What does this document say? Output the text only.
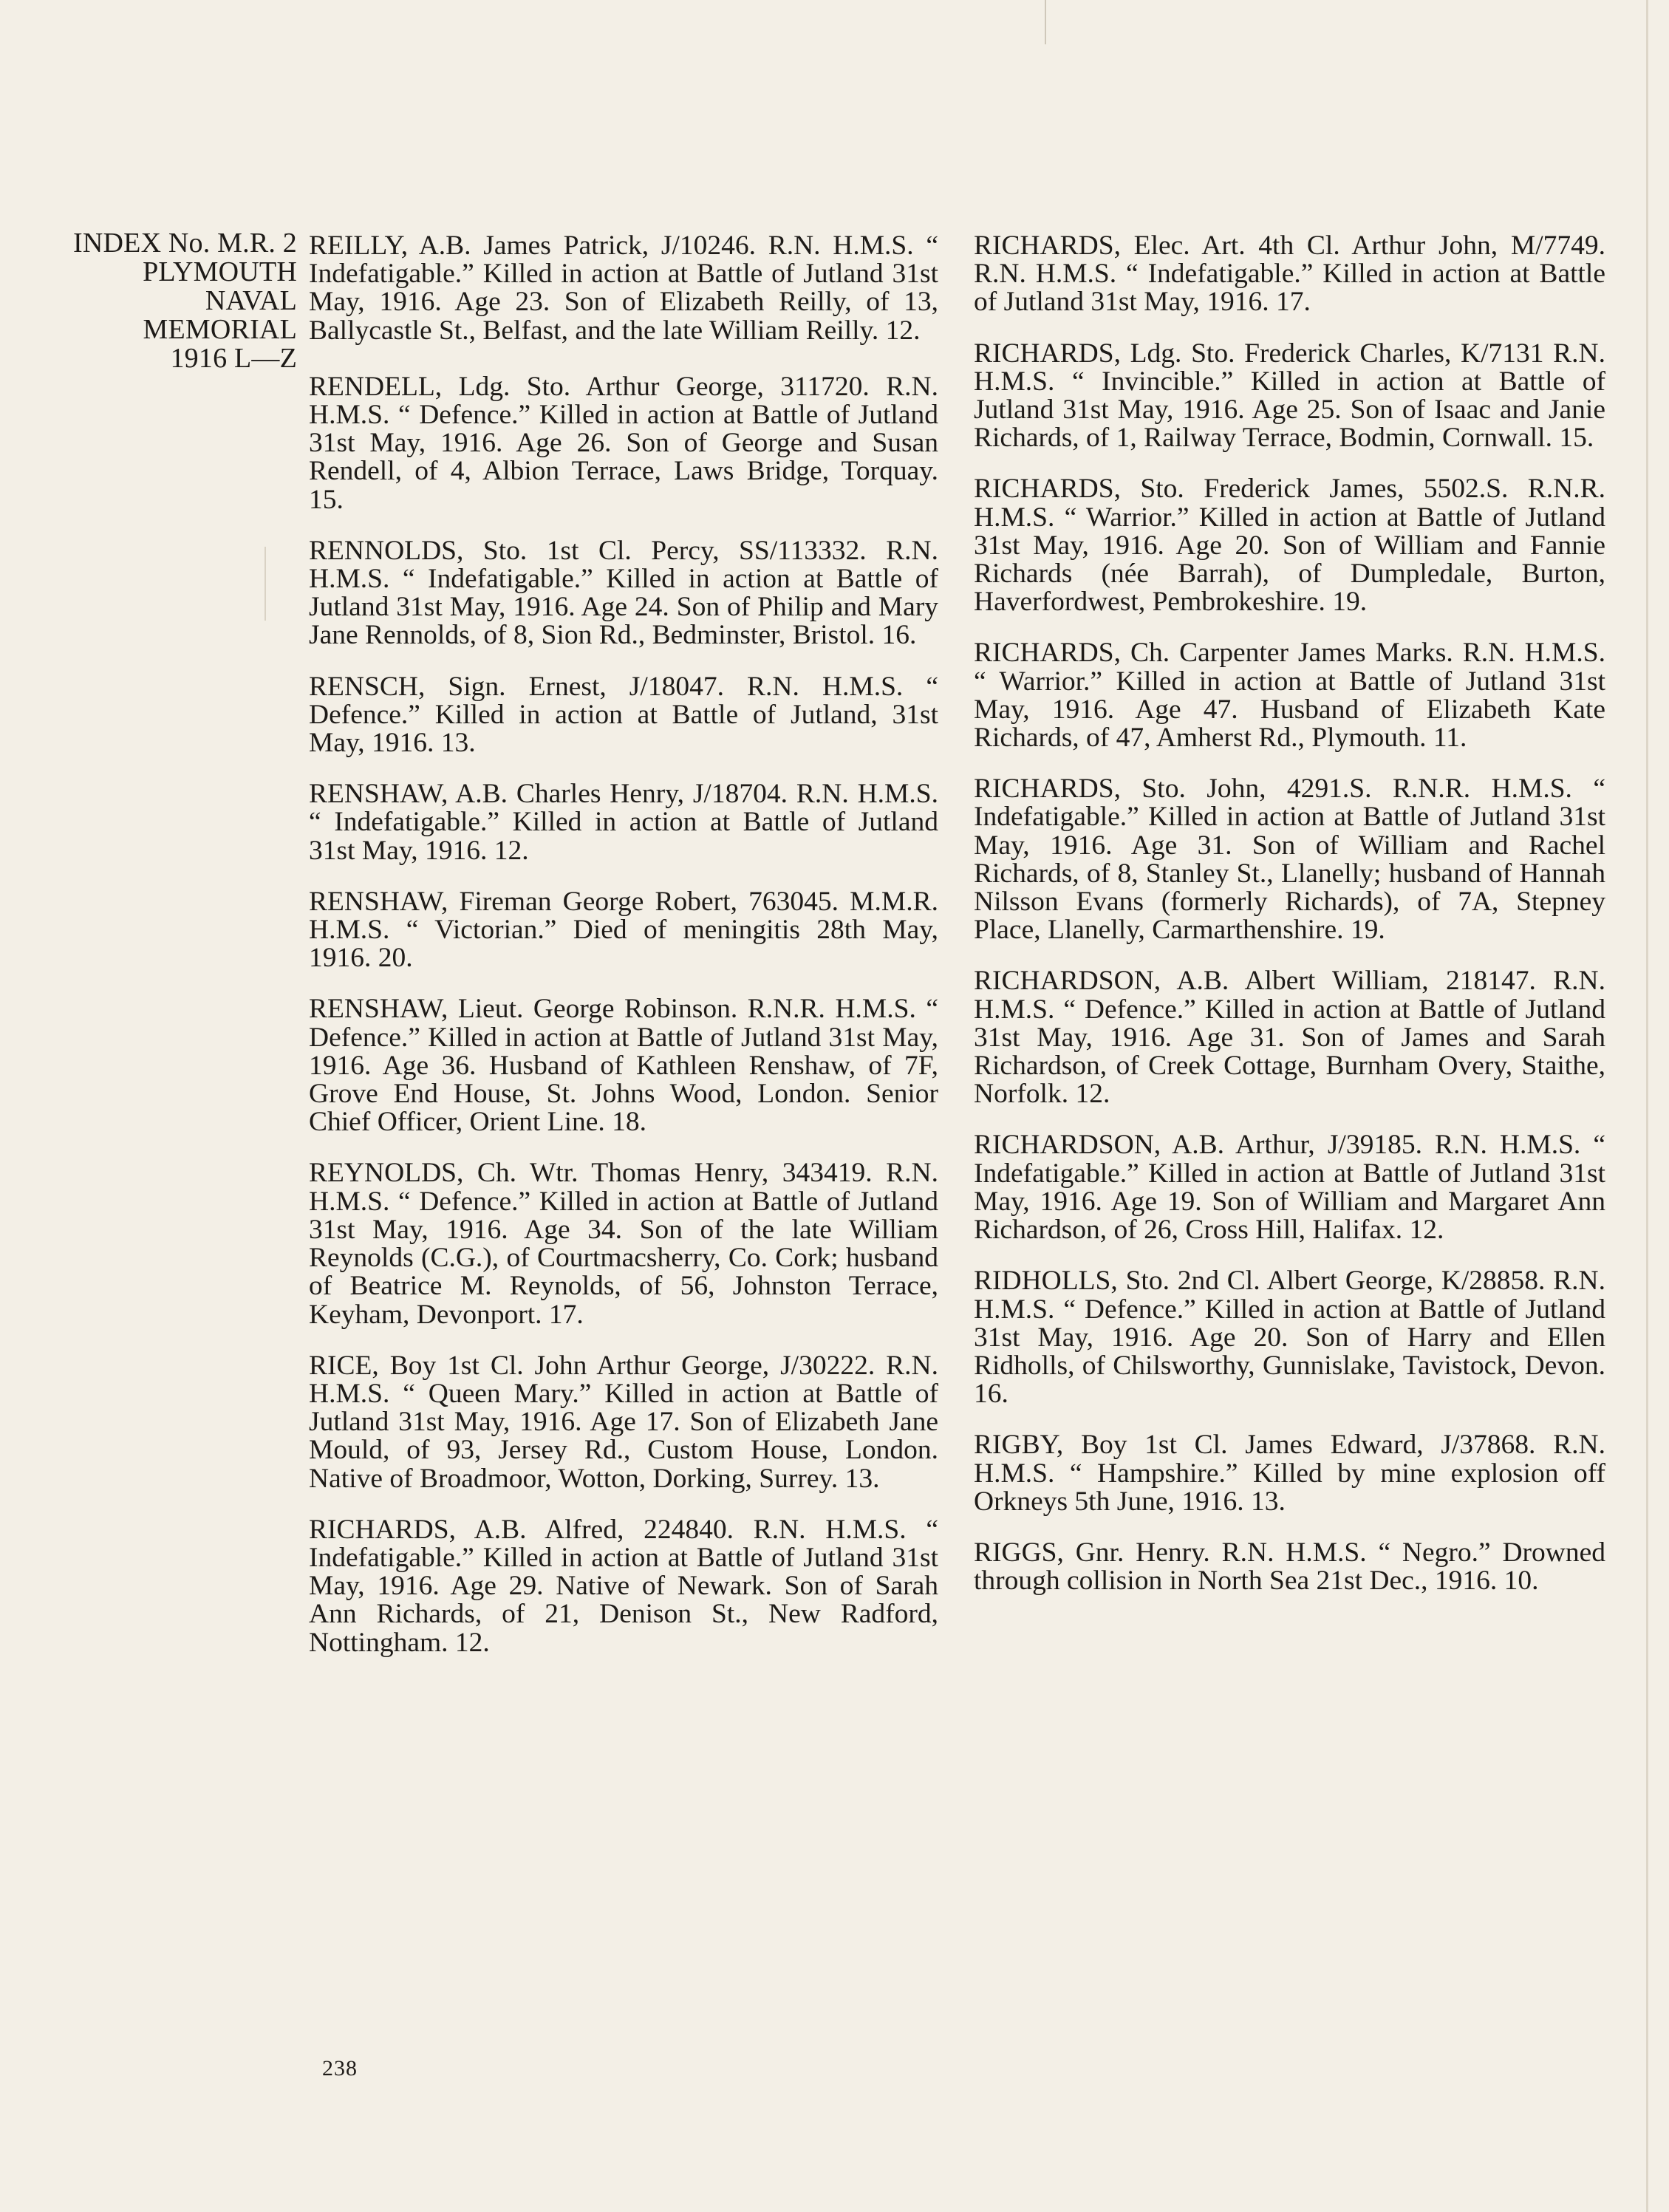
INDEX No. M.R. 2
PLYMOUTH
NAVAL
MEMORIAL
1916 L—Z

REILLY, A.B. James Patrick, J/10246. R.N. H.M.S. “ Indefatigable.” Killed in action at Battle of Jutland 31st May, 1916. Age 23. Son of Elizabeth Reilly, of 13, Ballycastle St., Belfast, and the late William Reilly. 12.

RENDELL, Ldg. Sto. Arthur George, 311720. R.N. H.M.S. “ Defence.” Killed in action at Battle of Jutland 31st May, 1916. Age 26. Son of George and Susan Rendell, of 4, Albion Terrace, Laws Bridge, Torquay. 15.

RENNOLDS, Sto. 1st Cl. Percy, SS/113332. R.N. H.M.S. “ Indefatigable.” Killed in action at Battle of Jutland 31st May, 1916. Age 24. Son of Philip and Mary Jane Rennolds, of 8, Sion Rd., Bedminster, Bristol. 16.

RENSCH, Sign. Ernest, J/18047. R.N. H.M.S. “ Defence.” Killed in action at Battle of Jutland, 31st May, 1916. 13.

RENSHAW, A.B. Charles Henry, J/18704. R.N. H.M.S. “ Indefatigable.” Killed in action at Battle of Jutland 31st May, 1916. 12.

RENSHAW, Fireman George Robert, 763045. M.M.R. H.M.S. “ Victorian.” Died of meningitis 28th May, 1916. 20.

RENSHAW, Lieut. George Robinson. R.N.R. H.M.S. “ Defence.” Killed in action at Battle of Jutland 31st May, 1916. Age 36. Husband of Kathleen Renshaw, of 7F, Grove End House, St. Johns Wood, London. Senior Chief Officer, Orient Line. 18.

REYNOLDS, Ch. Wtr. Thomas Henry, 343419. R.N. H.M.S. “ Defence.” Killed in action at Battle of Jutland 31st May, 1916. Age 34. Son of the late William Reynolds (C.G.), of Courtmacsherry, Co. Cork; husband of Beatrice M. Reynolds, of 56, Johnston Terrace, Keyham, Devonport. 17.

RICE, Boy 1st Cl. John Arthur George, J/30222. R.N. H.M.S. “ Queen Mary.” Killed in action at Battle of Jutland 31st May, 1916. Age 17. Son of Elizabeth Jane Mould, of 93, Jersey Rd., Custom House, London. Native of Broadmoor, Wotton, Dorking, Surrey. 13.

RICHARDS, A.B. Alfred, 224840. R.N. H.M.S. “ Indefatigable.” Killed in action at Battle of Jutland 31st May, 1916. Age 29. Native of Newark. Son of Sarah Ann Richards, of 21, Denison St., New Radford, Nottingham. 12.

RICHARDS, Elec. Art. 4th Cl. Arthur John, M/7749. R.N. H.M.S. “ Indefatigable.” Killed in action at Battle of Jutland 31st May, 1916. 17.

RICHARDS, Ldg. Sto. Frederick Charles, K/7131 R.N. H.M.S. “ Invincible.” Killed in action at Battle of Jutland 31st May, 1916. Age 25. Son of Isaac and Janie Richards, of 1, Railway Terrace, Bodmin, Cornwall. 15.

RICHARDS, Sto. Frederick James, 5502.S. R.N.R. H.M.S. “ Warrior.” Killed in action at Battle of Jutland 31st May, 1916. Age 20. Son of William and Fannie Richards (née Barrah), of Dumpledale, Burton, Haverfordwest, Pembrokeshire. 19.

RICHARDS, Ch. Carpenter James Marks. R.N. H.M.S. “ Warrior.” Killed in action at Battle of Jutland 31st May, 1916. Age 47. Husband of Elizabeth Kate Richards, of 47, Amherst Rd., Plymouth. 11.

RICHARDS, Sto. John, 4291.S. R.N.R. H.M.S. “ Indefatigable.” Killed in action at Battle of Jutland 31st May, 1916. Age 31. Son of William and Rachel Richards, of 8, Stanley St., Llanelly; husband of Hannah Nilsson Evans (formerly Richards), of 7A, Stepney Place, Llanelly, Carmarthenshire. 19.

RICHARDSON, A.B. Albert William, 218147. R.N. H.M.S. “ Defence.” Killed in action at Battle of Jutland 31st May, 1916. Age 31. Son of James and Sarah Richardson, of Creek Cottage, Burnham Overy, Staithe, Norfolk. 12.

RICHARDSON, A.B. Arthur, J/39185. R.N. H.M.S. “ Indefatigable.” Killed in action at Battle of Jutland 31st May, 1916. Age 19. Son of William and Margaret Ann Richardson, of 26, Cross Hill, Halifax. 12.

RIDHOLLS, Sto. 2nd Cl. Albert George, K/28858. R.N. H.M.S. “ Defence.” Killed in action at Battle of Jutland 31st May, 1916. Age 20. Son of Harry and Ellen Ridholls, of Chilsworthy, Gunnislake, Tavistock, Devon. 16.

RIGBY, Boy 1st Cl. James Edward, J/37868. R.N. H.M.S. “ Hampshire.” Killed by mine explosion off Orkneys 5th June, 1916. 13.

RIGGS, Gnr. Henry. R.N. H.M.S. “ Negro.” Drowned through collision in North Sea 21st Dec., 1916. 10.

238
